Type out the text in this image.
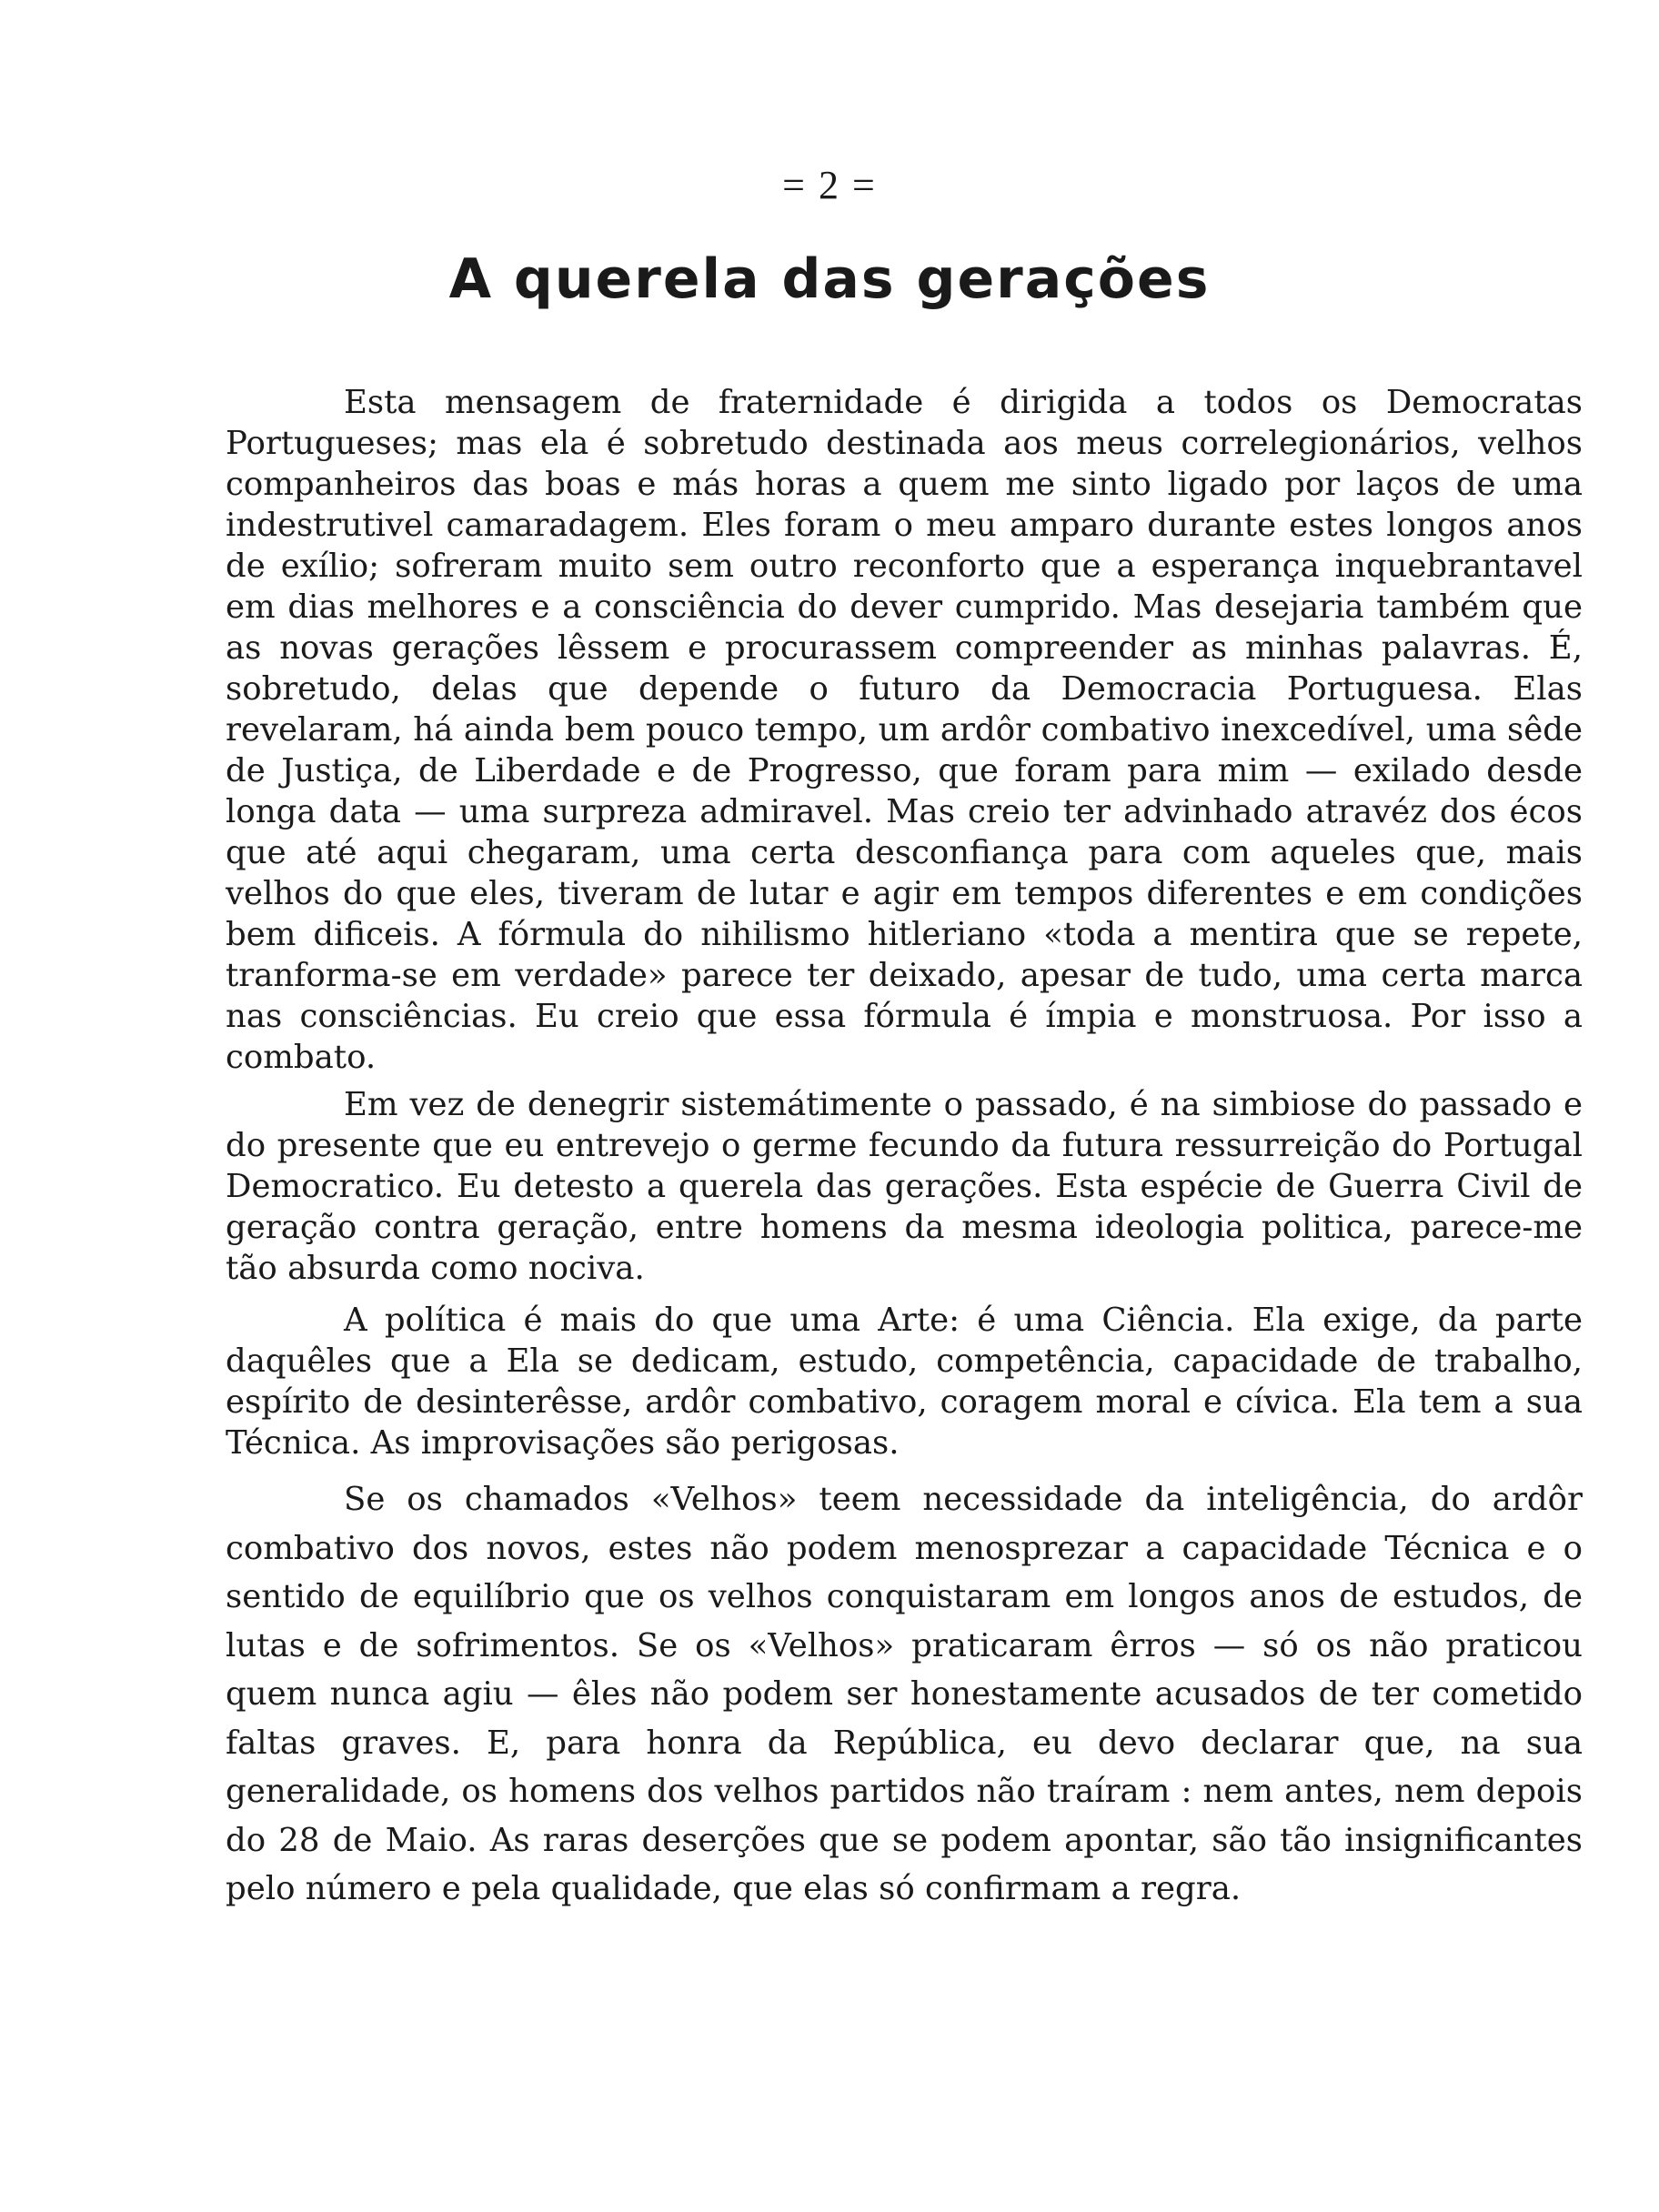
= 2 =
A querela das gerações

Esta mensagem de fraternidade é dirigida a todos os Democratas Portugueses; mas ela é sobretudo destinada aos meus correlegionários, velhos companheiros das boas e más horas a quem me sinto ligado por laços de uma indestrutivel camaradagem. Eles foram o meu amparo durante estes longos anos de exílio; sofreram muito sem outro reconforto que a esperança inquebrantavel em dias melhores e a consciência do dever cumprido. Mas desejaria também que as novas gerações lêssem e procurassem compreender as minhas palavras. É, sobretudo, delas que depende o futuro da Democracia Portuguesa. Elas revelaram, há ainda bem pouco tempo, um ardôr combativo inexcedível, uma sêde de Justiça, de Liberdade e de Progresso, que foram para mim — exilado desde longa data — uma surpreza admiravel. Mas creio ter advinhado atravéz dos écos que até aqui chegaram, uma certa desconfiança para com aqueles que, mais velhos do que eles, tiveram de lutar e agir em tempos diferentes e em condições bem dificeis. A fórmula do nihilismo hitleriano «toda a mentira que se repete, tranforma-se em verdade» parece ter deixado, apesar de tudo, uma certa marca nas consciências. Eu creio que essa fórmula é ímpia e monstruosa. Por isso a combato.

Em vez de denegrir sistemátimente o passado, é na simbiose do passado e do presente que eu entrevejo o germe fecundo da futura ressurreição do Portugal Democratico. Eu detesto a querela das gerações. Esta espécie de Guerra Civil de geração contra geração, entre homens da mesma ideologia politica, parece-me tão absurda como nociva.

A política é mais do que uma Arte: é uma Ciência. Ela exige, da parte daquêles que a Ela se dedicam, estudo, competência, capacidade de trabalho, espírito de desinterêsse, ardôr combativo, coragem moral e cívica. Ela tem a sua Técnica. As improvisações são perigosas.

Se os chamados «Velhos» teem necessidade da inteligência, do ardôr combativo dos novos, estes não podem menosprezar a capacidade Técnica e o sentido de equilíbrio que os velhos conquistaram em longos anos de estudos, de lutas e de sofrimentos. Se os «Velhos» praticaram êrros — só os não praticou quem nunca agiu — êles não podem ser honestamente acusados de ter cometido faltas graves. E, para honra da República, eu devo declarar que, na sua generalidade, os homens dos velhos partidos não traíram : nem antes, nem depois do 28 de Maio. As raras deserções que se podem apontar, são tão insignificantes pelo número e pela qualidade, que elas só confirmam a regra.
